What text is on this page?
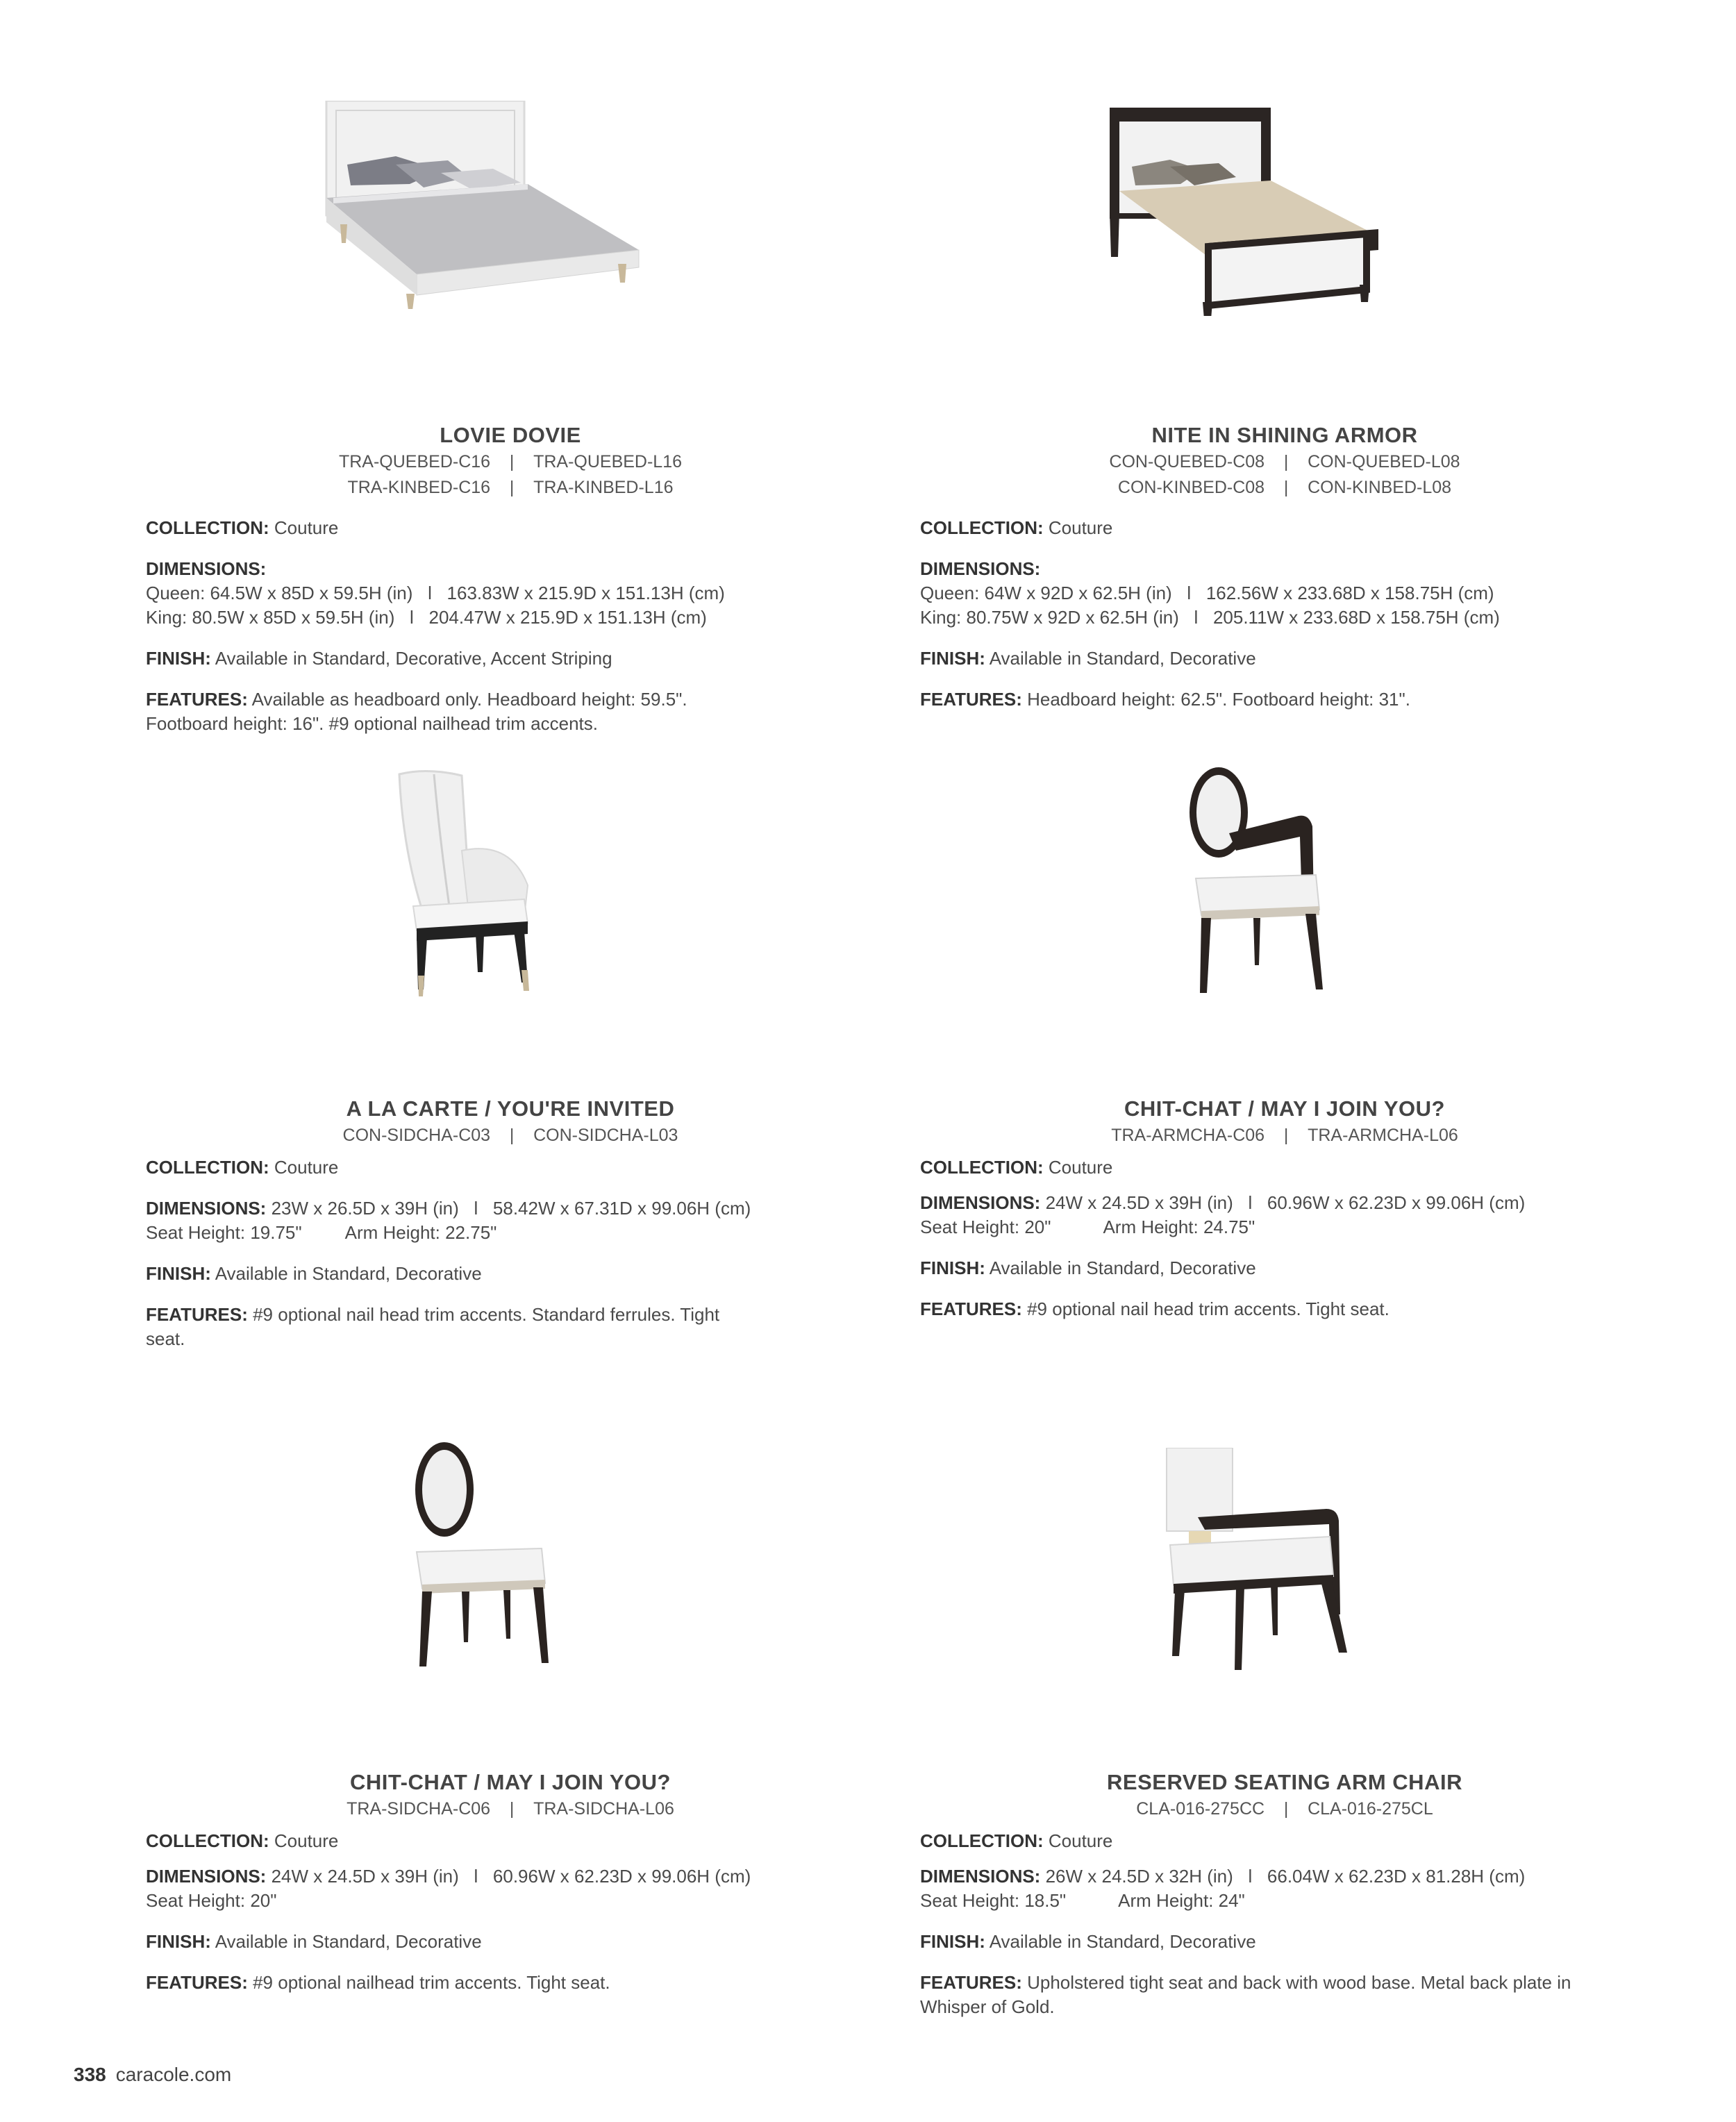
LOVIE DOVIE
TRA-QUEBED-C16 | TRA-QUEBED-L16
TRA-KINBED-C16 | TRA-KINBED-L16
COLLECTION: Couture
DIMENSIONS:
Queen: 64.5W x 85D x 59.5H (in)   l   163.83W x 215.9D x 151.13H (cm)
King: 80.5W x 85D x 59.5H (in)   l   204.47W x 215.9D x 151.13H (cm)
FINISH: Available in Standard, Decorative, Accent Striping
FEATURES: Available as headboard only. Headboard height: 59.5". Footboard height: 16". #9 optional nailhead trim accents.
NITE IN SHINING ARMOR
CON-QUEBED-C08 | CON-QUEBED-L08
CON-KINBED-C08 | CON-KINBED-L08
COLLECTION: Couture
DIMENSIONS:
Queen: 64W x 92D x 62.5H (in)   l   162.56W x 233.68D x 158.75H (cm)
King: 80.75W x 92D x 62.5H (in)   l   205.11W x 233.68D x 158.75H (cm)
FINISH: Available in Standard, Decorative
FEATURES: Headboard height: 62.5". Footboard height: 31".
A LA CARTE / YOU'RE INVITED
CON-SIDCHA-C03 | CON-SIDCHA-L03
COLLECTION: Couture
DIMENSIONS: 23W x 26.5D x 39H (in)   l   58.42W x 67.31D x 99.06H (cm)
Seat Height: 19.75" Arm Height: 22.75"
FINISH: Available in Standard, Decorative
FEATURES: #9 optional nail head trim accents. Standard ferrules. Tight seat.
CHIT-CHAT / MAY I JOIN YOU?
TRA-ARMCHA-C06 | TRA-ARMCHA-L06
COLLECTION: Couture
DIMENSIONS: 24W x 24.5D x 39H (in)   l   60.96W x 62.23D x 99.06H (cm)
Seat Height: 20"	Arm Height: 24.75"
FINISH: Available in Standard, Decorative
FEATURES: #9 optional nail head trim accents. Tight seat.
CHIT-CHAT / MAY I JOIN YOU?
TRA-SIDCHA-C06 | TRA-SIDCHA-L06
COLLECTION: Couture
DIMENSIONS: 24W x 24.5D x 39H (in)   l   60.96W x 62.23D x 99.06H (cm)
Seat Height: 20"
FINISH: Available in Standard, Decorative
FEATURES: #9 optional nailhead trim accents. Tight seat.
RESERVED SEATING ARM CHAIR
CLA-016-275CC | CLA-016-275CL
COLLECTION: Couture
DIMENSIONS: 26W x 24.5D x 32H (in)   l   66.04W x 62.23D x 81.28H (cm)
Seat Height: 18.5"	Arm Height: 24"
FINISH: Available in Standard, Decorative
FEATURES: Upholstered tight seat and back with wood base. Metal back plate in Whisper of Gold.
338 caracole.com
